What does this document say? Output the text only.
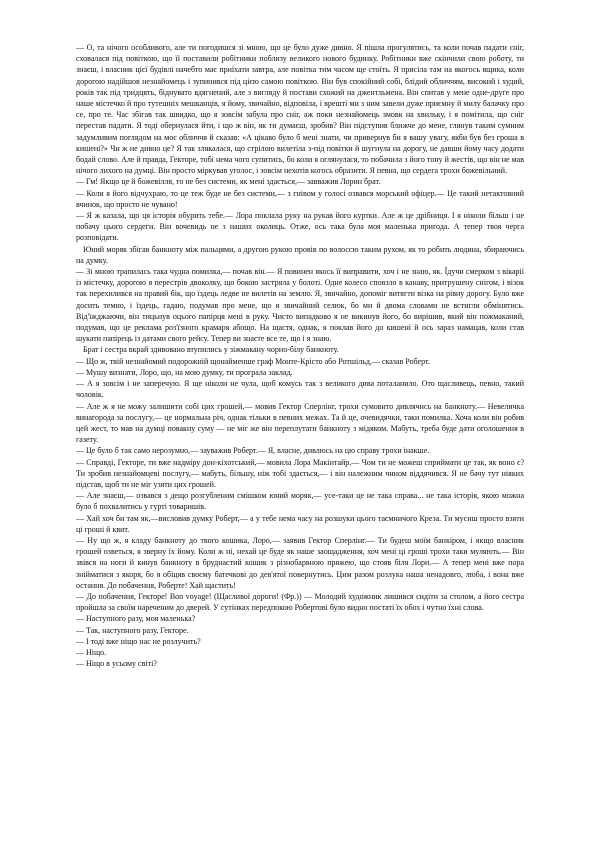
— О, та нічого особливого, але ти погодишся зі мною, що це було дуже дивно. Я пішла прогулятись, та коли почав падати сніг, сховалася під повіткою, що її поставили робітники поблизу великого нового будинку. Робітники вже скінчили свою роботу, ти знаєш, і власник цієї будівлі начебто має приїхати завтра, але повітка тим часом ще стоїть. Я присіла там на якогось ящика, коли дорогою надійшов незнайомець і зупинився під цією самою повіткою. Він був спокійний собі, блідий обличчям, високий і худий, років так під тридцять, біднувато вдягнений, але з вигляду й постави схожий на джентльмена. Він спитав у мене одне-друге про наше містечко й про тутешніх мешканців, я йому, звичайно, відповіла, і врешті ми з ним завели дуже приємну й милу балачку про се, про те. Час збігав так швидко, що я зовсім забула про сніг, аж поки незнайомець змовк на хвильку, і я помітила, що сніг перестав падати. Я тоді обернулася йти, і що ж він, як ти думаєш, зробив? Він підступив ближче до мене, глянув таким сумним задумливим поглядом на моє обличчя й сказав: «А цікаво було б мені знати, чи привернув би я вашу увагу, якби був без гроша в кишені?» Чи ж не дивно це? Я так злякалася, що стрілою вилетіла з-під повітки й шугнула на дорогу, не давши йому часу додати бодай слово. Але й правда, Гекторе, тобі нема чого супитись, бо коли я оглянулася, то побачила з його тону й жестів, що він не мав нічого лихого на думці. Він просто міркував уголос, і зовсім нехотів когось образити. Я певна, що сердега трохи божевільний.

— Гм! Якщо це й божевілля, то не без системи, як мені здається,— завважив Лорин брат.

— Коли я його відчухраю, то це теж буде не без системи,— з гнівом у голосі озвався морський офіцер.— Це такий нетактовний вчинок, що просто не чувано!

— Я ж казала, що ця історія обурить тебе.— Лора поклала руку на рукав його куртки. Але ж це дрібниця. І я ніколи більш і не побачу цього сердеги. Він вочевидь не з наших околиць. Отже, ось така була моя маленька пригода. А тепер твоя черга розповідати.

Юний моряк збігав банкноту між пальцями, а другою рукою провів по волоссю таким рухом, як то робить людина, збираючись на думку.

— Зі мною трапилась така чудна помилка,— почав він.— Я повинен якось її виправити, хоч і не знаю, як. Їдучи смерком з вікарії із містечку, дорогою я перестрів двоколку, що бокою застряла у болоті. Одне колесо сповзло в канаву, притрушену снігом, і візок так перехилився на правий бік, що їздець ледве не вилетів на землю. Я, звичайно, допоміг витягти візка на рівну дорогу. Було вже досить темно, і їздець, гадаю, подумав про мене, що я звичайний селюк, бо ми й двома словами не встигли обмінятись. Від'їжджаючи, він тицьнув оцього папірця мені в руку. Чисто випадково я не викинув його, бо вирішив, який він пожмаканий, подумав, що це реклама роз'їзного крамаря абощо. На щастя, однак, я поклав його до кишені й ось зараз намацав, коли став шукати папірець із датами свого рейсу. Тепер ви знаєте все те, що і я знаю.

Брат і сестра вкрай здивовано втупились у зіжмакану чорно-білу банкноту.

— Що ж, твій незнайомий подорожній щонайменше граф Монте-Крісто або Ротшільд,— сказав Роберт.

— Мушу визнати, Лоро, що, на мою думку, ти програла заклад.

— А я зовсім і не заперечую. Я ще ніколи не чула, щоб комусь так з великого дива поталанило. Ото щасливець, певно, такий чоловік.

— Але ж я не можу залишити собі цих грошей,— мовив Гектор Сперлінг, трохи сумовито дивлячись на банкноту.— Невеличка винагорода за послугу,— це нормальна річ, однак тільки в певних межах. Та й це, очевидячки, таки помилка. Хоча коли він робив цей жест, то мав на думці повакну суму — не міг же він переплутати банкноту з мідяком. Мабуть, треба буде дати оголошення в газету.

— Це було б так само нерозумно,— зауважив Роберт.— Я, власне, дивлюсь на цю справу трохи інакше.

— Справді, Гекторе, ти вже надміру дон-кіхотський,— мовила Лора Макінтайр.— Чом ти не можеш сприймати це так, як воно є? Ти зробив незнайомцеві послугу,— мабуть, більшу, ніж тобі здається,— і він належним чином віддячився. Я не бачу тут ніяких підстав, щоб ти не міг узяти цих грошей.

— Але знаєш,— озвався з дещо розгубленим смішком юний моряк,— усе-таки це не така справа... не така історія, якою можна було б похвалитись у гурті товаришів.

— Хай хоч би там як,—висловив думку Роберт,— а у тебе нема часу на розшуки цього таємничого Креза. Ти мусиш просто взяти ці гроші й квит.

— Ну що ж, я кладу банкноту до твого кошика, Лоро,— заявив Гектор Сперлінг.— Ти будеш моїм банкіром, і якщо власник грошей озветься, я зверну їх йому. Коли ж ні, нехай це буде як наше заощадження, хоч мені ці гроші трохи таки муляють.— Він звівся на ноги й кинув банкноту в бруднастий кошик з різнобарвною пряжею, що стояв біля Лори.— А тепер мені вже пора знійматися з якоря, бо я обіцяв своєму батечкові до дев'ятої повернутись. Цим разом розлука наша ненадовго, люба, і вона вже остання. До побачення, Роберте! Хай щастить!

— До побачення, Гекторе! Bon voyage! (Щасливої дороги! (Фр.)) — Молодий художник лишився сидіти за столом, а його сестра пройшла за своїм нареченим до дверей. У сутінках передпокою Робертові було видно постаті їх обох і чутно їхні слова.

— Наступного разу, моя маленька?

— Так, наступного разу, Гекторе.

— І тоді вже ніщо нас не розлучить?

— Ніщо.

— Ніщо в усьому світі?
